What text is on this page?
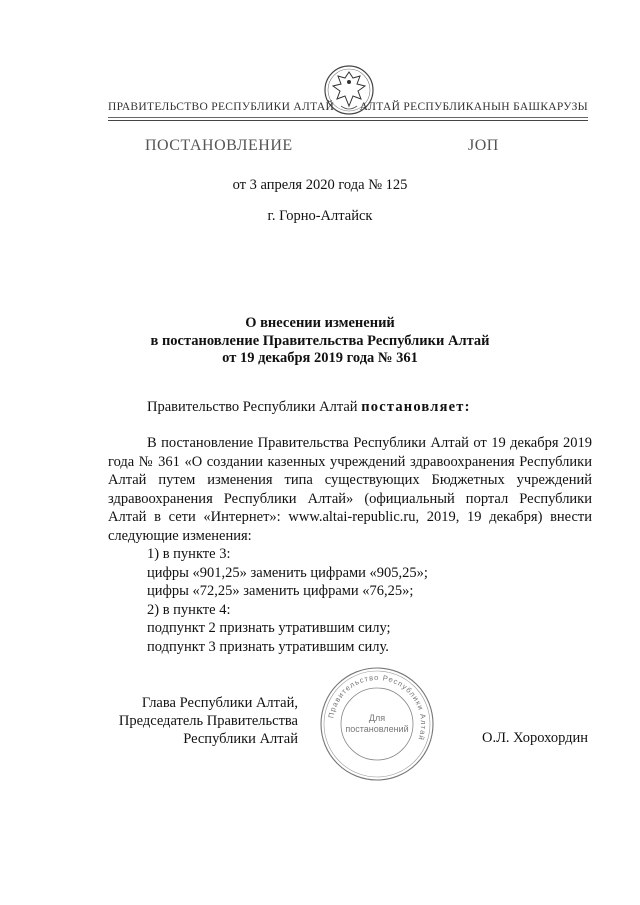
ПРАВИТЕЛЬСТВО РЕСПУБЛИКИ АЛТАЙ АЛТАЙ РЕСПУБЛИКАНЫН БАШКАРУЗЫ
ПОСТАНОВЛЕНИЕ	ЈОП
от 3 апреля 2020 года № 125
г. Горно-Алтайск
О внесении изменений
в постановление Правительства Республики Алтай
от 19 декабря 2019 года № 361
Правительство Республики Алтай постановляет:
В постановление Правительства Республики Алтай от 19 декабря 2019 года № 361 «О создании казенных учреждений здравоохранения Республики Алтай путем изменения типа существующих Бюджетных учреждений здравоохранения Республики Алтай» (официальный портал Республики Алтай в сети «Интернет»: www.altai-republic.ru, 2019, 19 декабря) внести следующие изменения:
1) в пункте 3:
цифры «901,25» заменить цифрами «905,25»;
цифры «72,25» заменить цифрами «76,25»;
2) в пункте 4:
подпункт 2 признать утратившим силу;
подпункт 3 признать утратившим силу.
Глава Республики Алтай,
Председатель Правительства
Республики Алтай
Правительство Республики Алтай
Для
постановлений
О.Л. Хорохордин
